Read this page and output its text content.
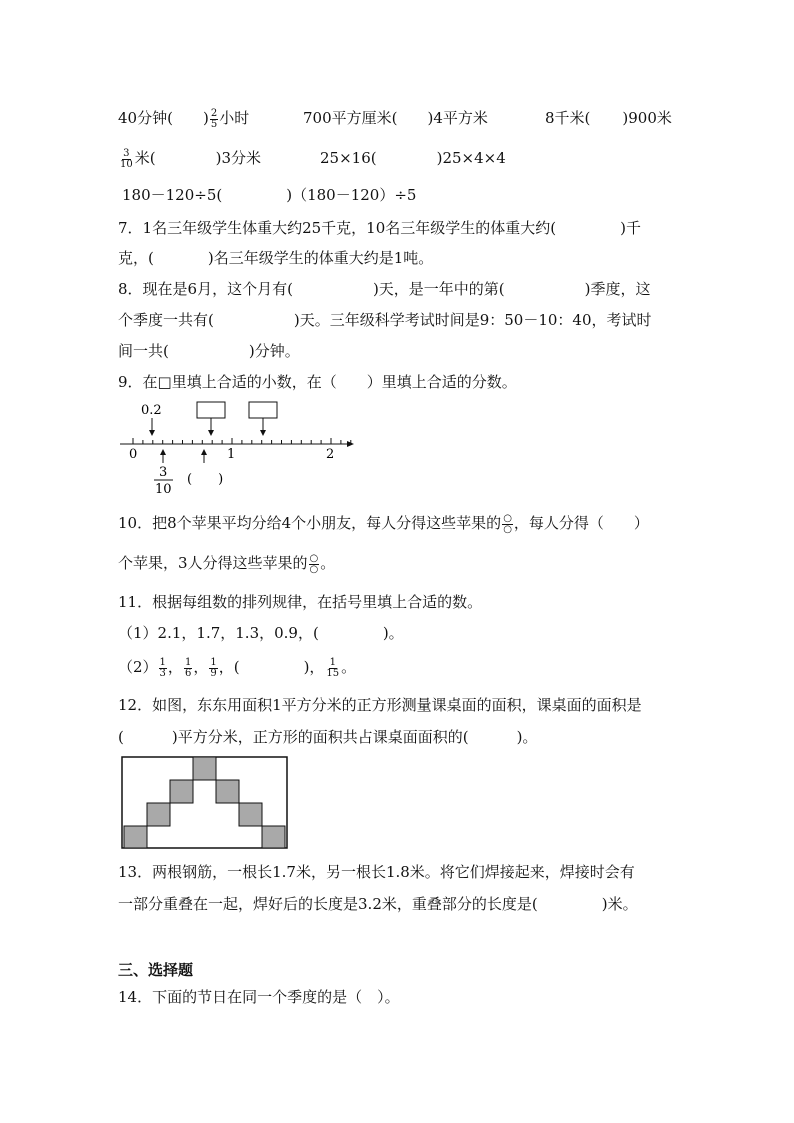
40分钟( ) $\frac{2}{5}$ 小时	700平方厘米( )4平方米	8千米( )900米
$\frac{3}{10}$ 米(	)3分米	25×16(	)25×4×4
180－120÷5(	)（180－120）÷5
7．1名三年级学生体重大约25千克，10名三年级学生的体重大约(	)千
克，(	)名三年级学生的体重大约是1吨。
8．现在是6月，这个月有(	)天，是一年中的第(	)季度，这
个季度一共有(	)天。三年级科学考试时间是9：50－10：40，考试时
间一共(	)分钟。
9．在□里填上合适的小数，在（　　）里填上合适的分数。
0.2
0	1	2
3
10
(　　)
10．把8个苹果平均分给4个小朋友，每人分得这些苹果的 $\frac{○}{○}$ ，每人分得（　　）
个苹果，3人分得这些苹果的 $\frac{○}{○}$ 。
11．根据每组数的排列规律，在括号里填上合适的数。
（1）2.1，1.7，1.3，0.9，(	)。
$(2) \frac{1}{3}$ ， $\frac{1}{6}$ ， $\frac{1}{9}$ ，(	)， $\frac{1}{15}$ 。
12．如图，东东用面积1平方分米的正方形测量课桌面的面积，课桌面的面积是
(	)平方分米，正方形的面积共占课桌面面积的(	)。
13．两根钢筋，一根长1.7米，另一根长1.8米。将它们焊接起来，焊接时会有
一部分重叠在一起，焊好后的长度是3.2米，重叠部分的长度是(	)米。
三、选择题
14．下面的节日在同一个季度的是（　）。
